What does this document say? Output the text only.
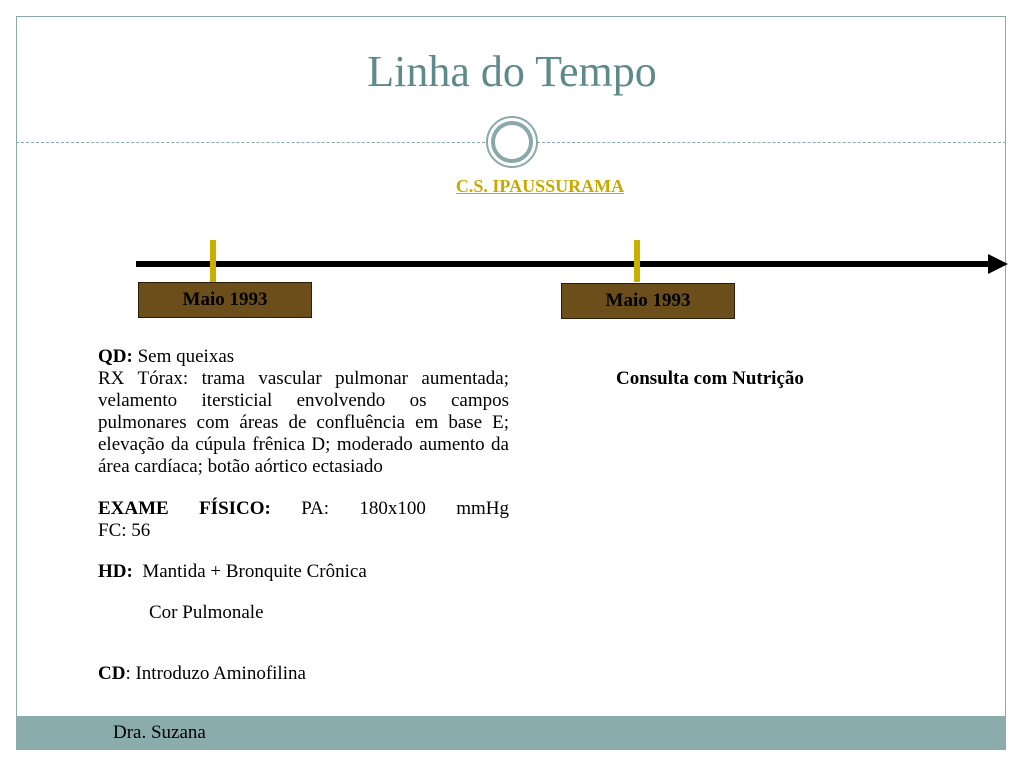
Linha do Tempo
C.S. IPAUSSURAMA
Maio 1993	Maio 1993

QD: Sem queixas

RX Tórax: trama vascular pulmonar aumentada; velamento itersticial envolvendo os campos pulmonares com áreas de confluência em base E; elevação da cúpula frênica D; moderado aumento da área cardíaca; botão aórtico ectasiado

EXAME FÍSICO: PA: 180x100 mmHg

FC: 56

HD: Mantida + Bronquite Crônica

Cor Pulmonale

CD: Introduzo Aminofilina

Consulta com Nutrição
Dra. Suzana
